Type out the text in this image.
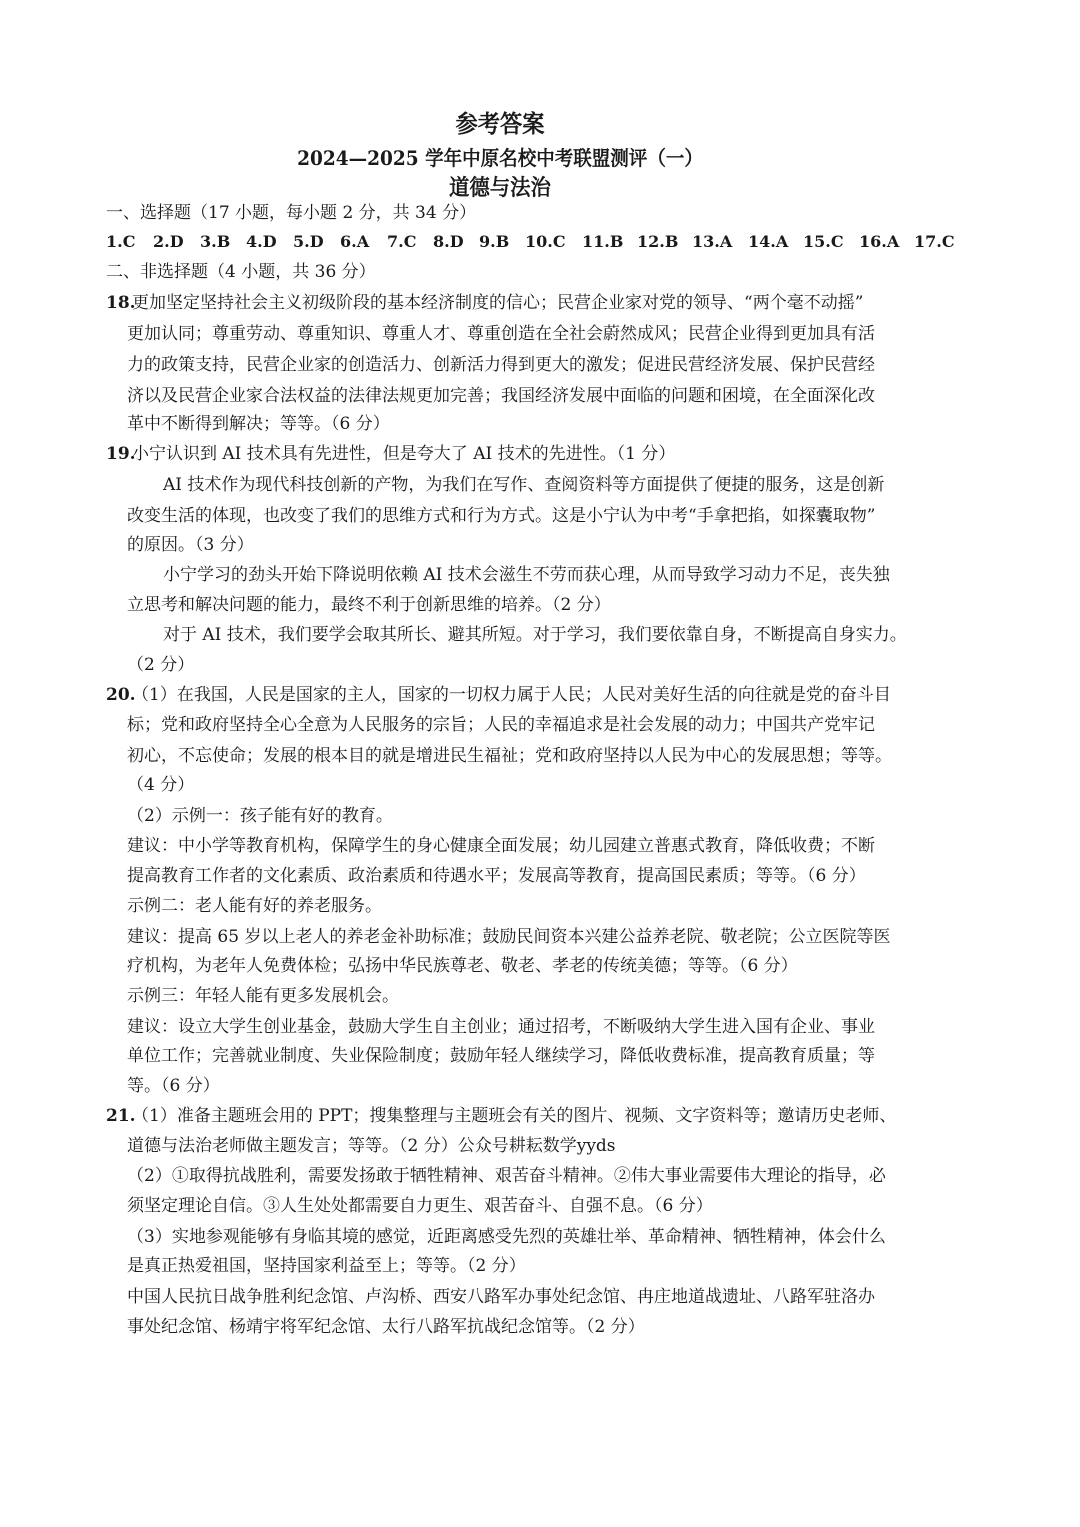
参考答案
2024—2025 学年中原名校中考联盟测评（一）
道德与法治
一、选择题（17 小题，每小题 2 分，共 34 分）
1.C 2.D 3.B 4.D 5.D 6.A 7.C 8.D 9.B 10.C 11.B 12.B 13.A 14.A 15.C 16.A 17.C
二、非选择题（4 小题，共 36 分）
18.
更加坚定坚持社会主义初级阶段的基本经济制度的信心；民营企业家对党的领导、“两个毫不动摇”
更加认同；尊重劳动、尊重知识、尊重人才、尊重创造在全社会蔚然成风；民营企业得到更加具有活
力的政策支持，民营企业家的创造活力、创新活力得到更大的激发；促进民营经济发展、保护民营经
济以及民营企业家合法权益的法律法规更加完善；我国经济发展中面临的问题和困境，在全面深化改
革中不断得到解决；等等。（6 分）
19.
小宁认识到 AI 技术具有先进性，但是夸大了 AI 技术的先进性。（1 分）
AI 技术作为现代科技创新的产物，为我们在写作、查阅资料等方面提供了便捷的服务，这是创新
改变生活的体现，也改变了我们的思维方式和行为方式。这是小宁认为中考“手拿把掐，如探囊取物”
的原因。（3 分）
小宁学习的劲头开始下降说明依赖 AI 技术会滋生不劳而获心理，从而导致学习动力不足，丧失独
立思考和解决问题的能力，最终不利于创新思维的培养。（2 分）
对于 AI 技术，我们要学会取其所长、避其所短。对于学习，我们要依靠自身，不断提高自身实力。
（2 分）
20.
（1）在我国，人民是国家的主人，国家的一切权力属于人民；人民对美好生活的向往就是党的奋斗目
标；党和政府坚持全心全意为人民服务的宗旨；人民的幸福追求是社会发展的动力；中国共产党牢记
初心，不忘使命；发展的根本目的就是增进民生福祉；党和政府坚持以人民为中心的发展思想；等等。
（4 分）
（2）示例一：孩子能有好的教育。
建议：中小学等教育机构，保障学生的身心健康全面发展；幼儿园建立普惠式教育，降低收费；不断
提高教育工作者的文化素质、政治素质和待遇水平；发展高等教育，提高国民素质；等等。（6 分）
示例二：老人能有好的养老服务。
建议：提高 65 岁以上老人的养老金补助标准；鼓励民间资本兴建公益养老院、敬老院；公立医院等医
疗机构，为老年人免费体检；弘扬中华民族尊老、敬老、孝老的传统美德；等等。（6 分）
示例三：年轻人能有更多发展机会。
建议：设立大学生创业基金，鼓励大学生自主创业；通过招考，不断吸纳大学生进入国有企业、事业
单位工作；完善就业制度、失业保险制度；鼓励年轻人继续学习，降低收费标准，提高教育质量；等
等。（6 分）
21.
（1）准备主题班会用的 PPT；搜集整理与主题班会有关的图片、视频、文字资料等；邀请历史老师、
道德与法治老师做主题发言；等等。（2 分）公众号耕耘数学yyds
（2）①取得抗战胜利，需要发扬敢于牺牲精神、艰苦奋斗精神。②伟大事业需要伟大理论的指导，必
须坚定理论自信。③人生处处都需要自力更生、艰苦奋斗、自强不息。（6 分）
（3）实地参观能够有身临其境的感觉，近距离感受先烈的英雄壮举、革命精神、牺牲精神，体会什么
是真正热爱祖国，坚持国家利益至上；等等。（2 分）
中国人民抗日战争胜利纪念馆、卢沟桥、西安八路军办事处纪念馆、冉庄地道战遗址、八路军驻洛办
事处纪念馆、杨靖宇将军纪念馆、太行八路军抗战纪念馆等。（2 分）
